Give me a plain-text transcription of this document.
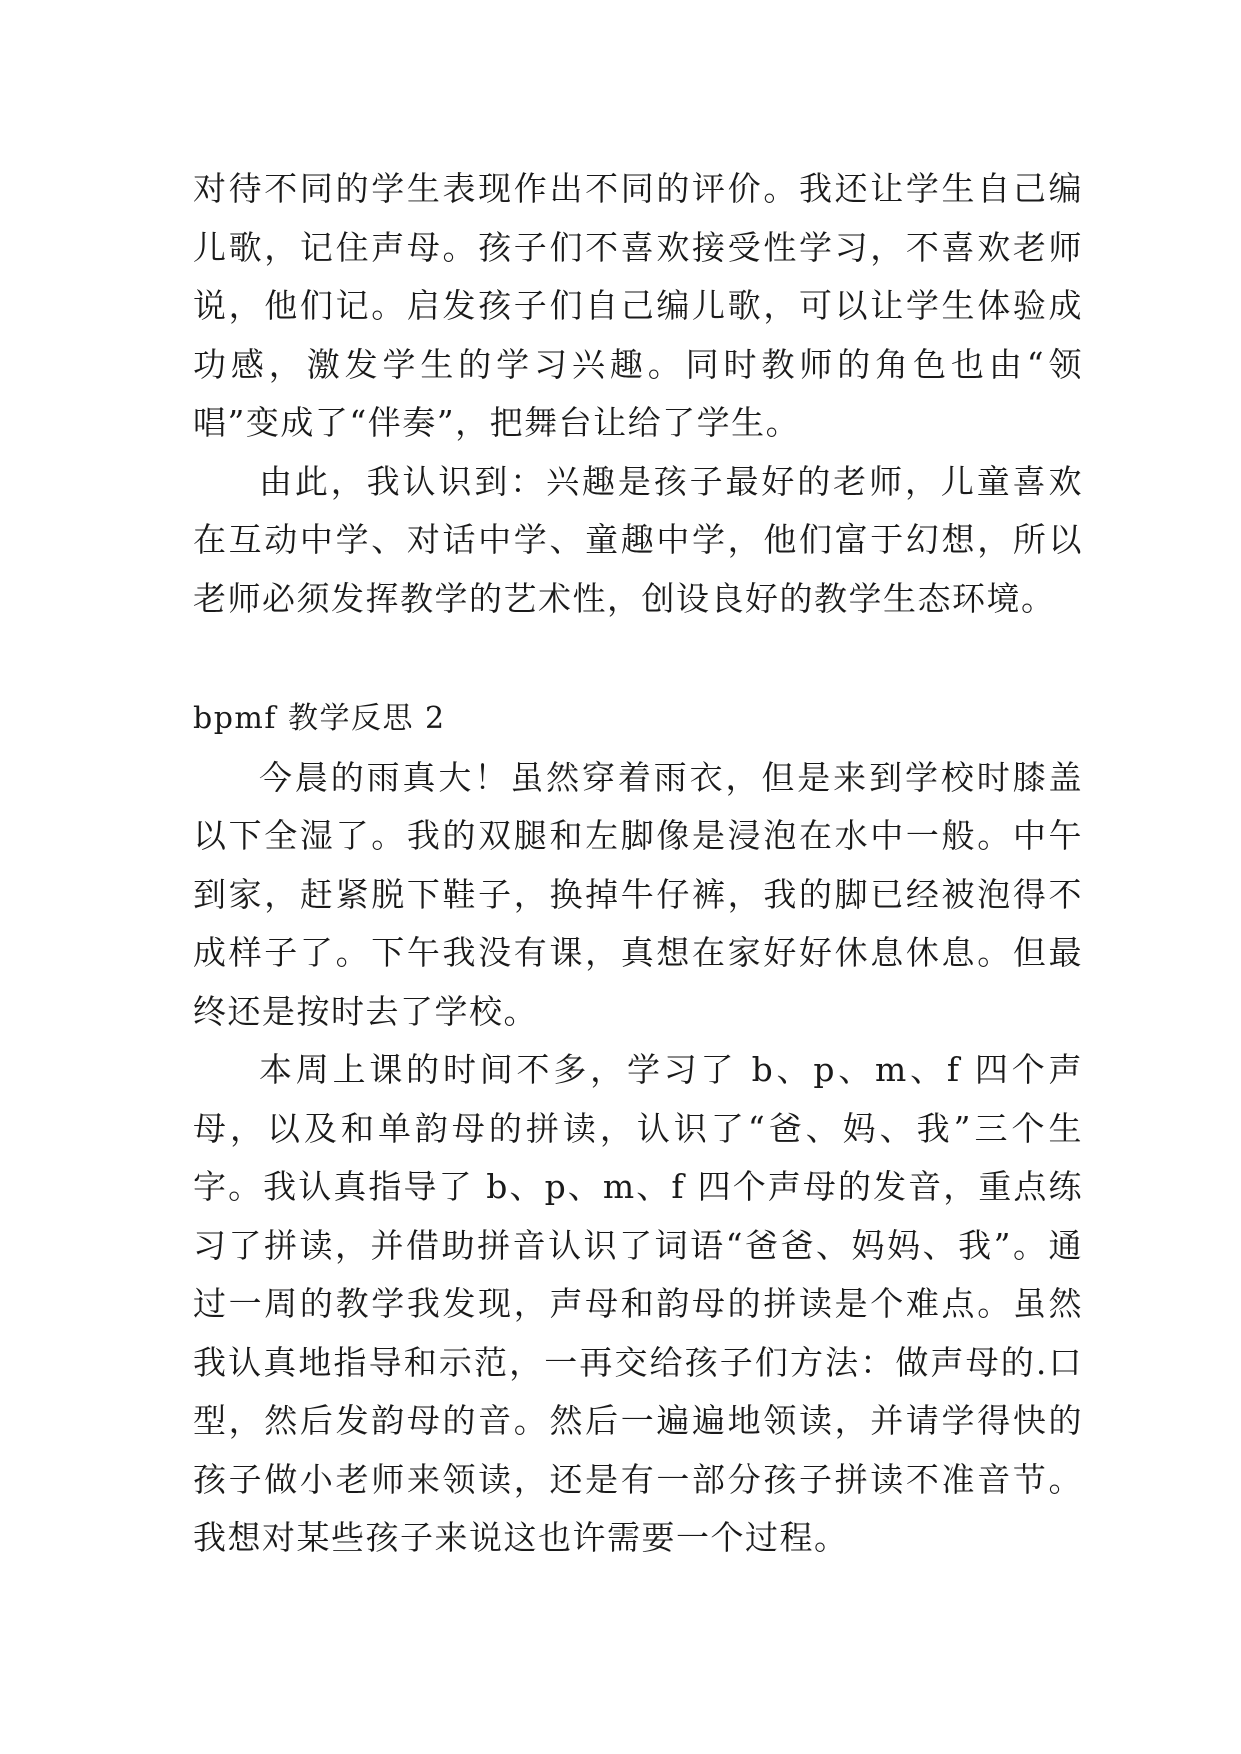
对待不同的学生表现作出不同的评价。我还让学生自己编儿歌，记住声母。孩子们不喜欢接受性学习，不喜欢老师说，他们记。启发孩子们自己编儿歌，可以让学生体验成功感，激发学生的学习兴趣。同时教师的角色也由“领唱”变成了“伴奏”，把舞台让给了学生。

由此，我认识到：兴趣是孩子最好的老师，儿童喜欢在互动中学、对话中学、童趣中学，他们富于幻想，所以老师必须发挥教学的艺术性，创设良好的教学生态环境。

bpmf 教学反思 2

今晨的雨真大！虽然穿着雨衣，但是来到学校时膝盖以下全湿了。我的双腿和左脚像是浸泡在水中一般。中午到家，赶紧脱下鞋子，换掉牛仔裤，我的脚已经被泡得不成样子了。下午我没有课，真想在家好好休息休息。但最终还是按时去了学校。

本周上课的时间不多，学习了 b、p、m、f 四个声母，以及和单韵母的拼读，认识了“爸、妈、我”三个生字。我认真指导了 b、p、m、f 四个声母的发音，重点练习了拼读，并借助拼音认识了词语“爸爸、妈妈、我”。通过一周的教学我发现，声母和韵母的拼读是个难点。虽然我认真地指导和示范，一再交给孩子们方法：做声母的.口型，然后发韵母的音。然后一遍遍地领读，并请学得快的孩子做小老师来领读，还是有一部分孩子拼读不准音节。我想对某些孩子来说这也许需要一个过程。
